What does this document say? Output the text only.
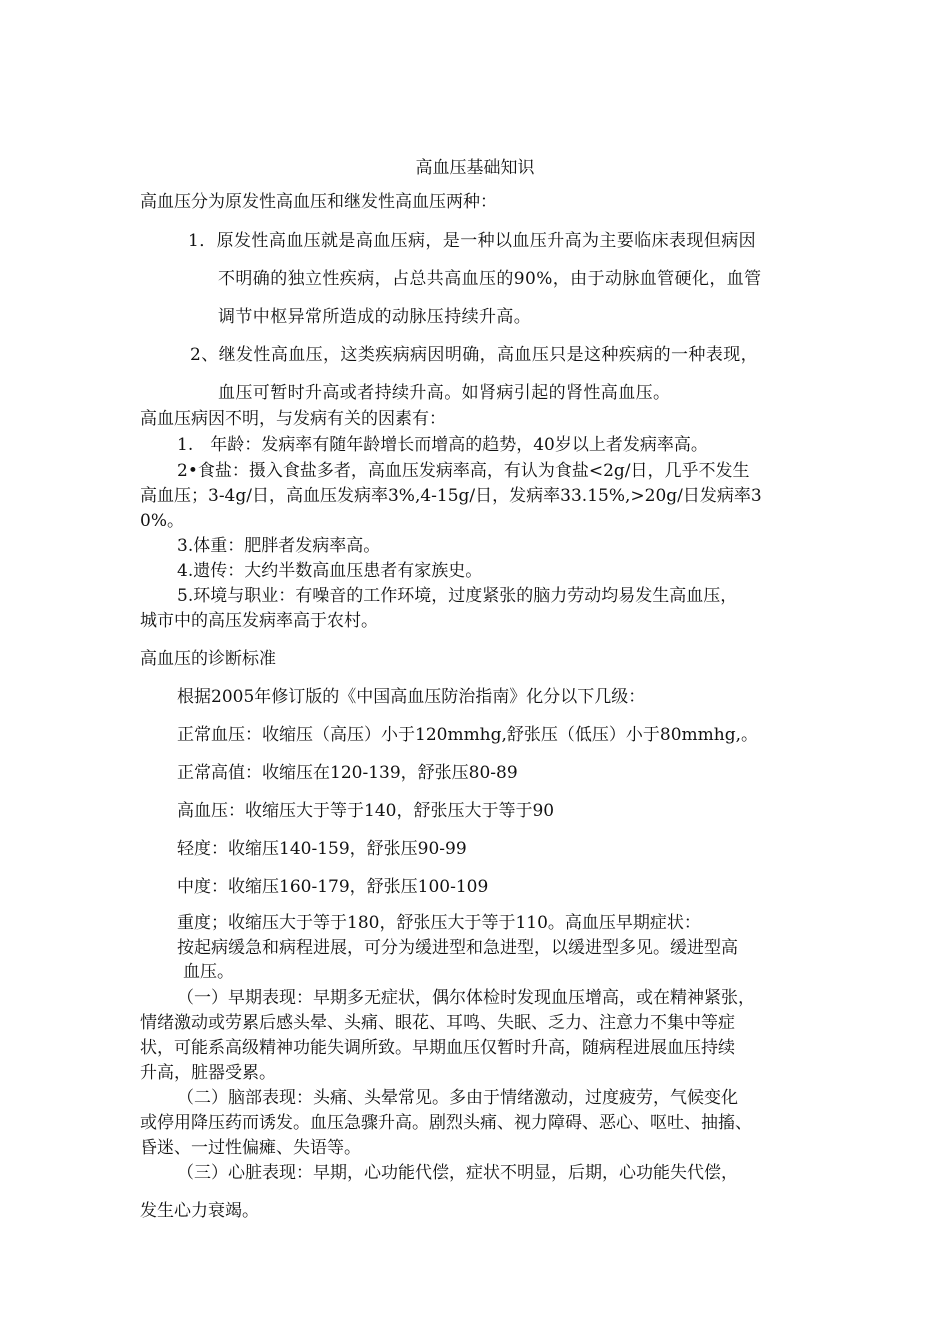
高血压基础知识
高血压分为原发性高血压和继发性高血压两种：
1．原发性高血压就是高血压病，是一种以血压升高为主要临床表现但病因
不明确的独立性疾病，占总共高血压的90%，由于动脉血管硬化，血管
调节中枢异常所造成的动脉压持续升高。
2、继发性高血压，这类疾病病因明确，高血压只是这种疾病的一种表现，
血压可暂时升高或者持续升高。如肾病引起的肾性高血压。
高血压病因不明，与发病有关的因素有：
1.　年龄：发病率有随年龄增长而增高的趋势，40岁以上者发病率高。
2•食盐：摄入食盐多者，高血压发病率高，有认为食盐<2g/日，几乎不发生
高血压；3-4g/日，高血压发病率3%,4-15g/日，发病率33.15%,>20g/日发病率3
0%。
3.体重：肥胖者发病率高。
4.遗传：大约半数高血压患者有家族史。
5.环境与职业：有噪音的工作环境，过度紧张的脑力劳动均易发生高血压，
城市中的高压发病率高于农村。
高血压的诊断标准
根据2005年修订版的《中国高血压防治指南》化分以下几级：
正常血压：收缩压（高压）小于120mmhg,舒张压（低压）小于80mmhg,。
正常高值：收缩压在120-139，舒张压80-89
高血压：收缩压大于等于140，舒张压大于等于90
轻度：收缩压140-159，舒张压90-99
中度：收缩压160-179，舒张压100-109
重度；收缩压大于等于180，舒张压大于等于110。高血压早期症状：
按起病缓急和病程进展，可分为缓进型和急进型，以缓进型多见。缓进型高
血压。
（一）早期表现：早期多无症状，偶尔体检时发现血压增高，或在精神紧张，
情绪激动或劳累后感头晕、头痛、眼花、耳鸣、失眠、乏力、注意力不集中等症
状，可能系高级精神功能失调所致。早期血压仅暂时升高，随病程进展血压持续
升高，脏器受累。
（二）脑部表现：头痛、头晕常见。多由于情绪激动，过度疲劳，气候变化
或停用降压药而诱发。血压急骤升高。剧烈头痛、视力障碍、恶心、呕吐、抽搐、
昏迷、一过性偏瘫、失语等。
（三）心脏表现：早期，心功能代偿，症状不明显，后期，心功能失代偿，
发生心力衰竭。
